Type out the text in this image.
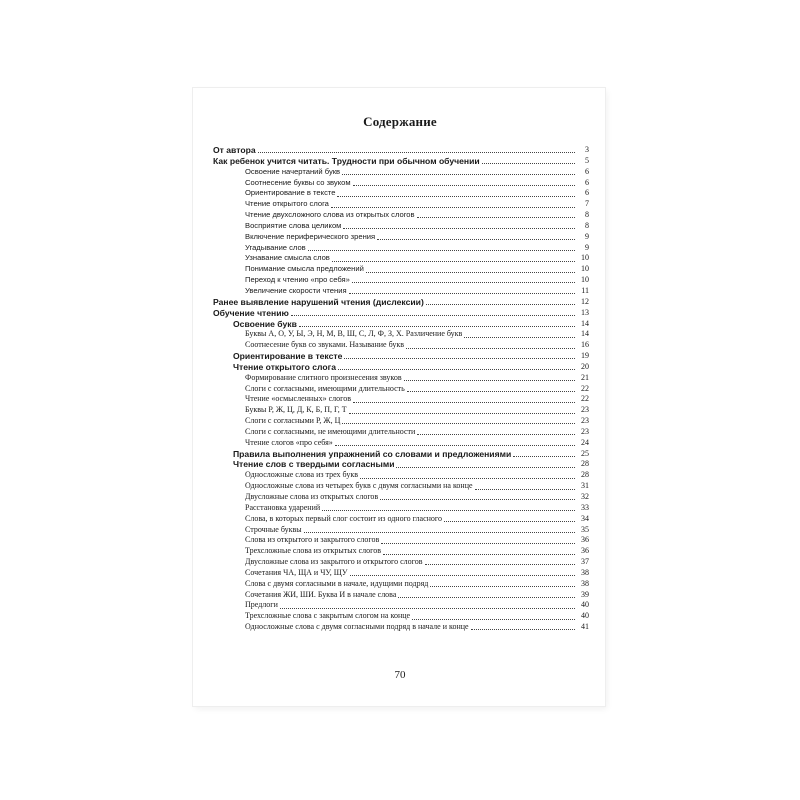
Содержание
От автора	3
Как ребенок учится читать. Трудности при обычном обучении	5
Освоение начертаний букв	6
Соотнесение буквы со звуком	6
Ориентирование в тексте	6
Чтение открытого слога	7
Чтение двухсложного слова из открытых слогов	8
Восприятие слова целиком	8
Включение периферического зрения	9
Угадывание слов	9
Узнавание смысла слов	10
Понимание смысла предложений	10
Переход к чтению «про себя»	10
Увеличение скорости чтения	11
Ранее выявление нарушений чтения (дислексии)	12
Обучение чтению	13
Освоение букв	14
Буквы А, О, У, Ы, Э, Н, М, В, Ш, С, Л, Ф, З, Х. Различение букв	14
Соотнесение букв со звуками. Называние букв	16
Ориентирование в тексте	19
Чтение открытого слога	20
Формирование слитного произнесения звуков	21
Слоги с согласными, имеющими длительность	22
Чтение «осмысленных» слогов	22
Буквы Р, Ж, Ц, Д, К, Б, П, Г, Т	23
Слоги с согласными Р, Ж, Ц	23
Слоги с согласными, не имеющими длительности	23
Чтение слогов «про себя»	24
Правила выполнения упражнений со словами и предложениями	25
Чтение слов с твердыми согласными	28
Односложные слова из трех букв	28
Односложные слова из четырех букв с двумя согласными на конце	31
Двусложные слова из открытых слогов	32
Расстановка ударений	33
Слова, в которых первый слог состоит из одного гласного	34
Строчные буквы	35
Слова из открытого и закрытого слогов	36
Трехсложные слова из открытых слогов	36
Двусложные слова из закрытого и открытого слогов	37
Сочетания ЧА, ЩА и ЧУ, ЩУ	38
Слова с двумя согласными в начале, идущими подряд	38
Сочетания ЖИ, ШИ. Буква И в начале слова	39
Предлоги	40
Трехсложные слова с закрытым слогом на конце	40
Односложные слова с двумя согласными подряд в начале и конце	41
70
